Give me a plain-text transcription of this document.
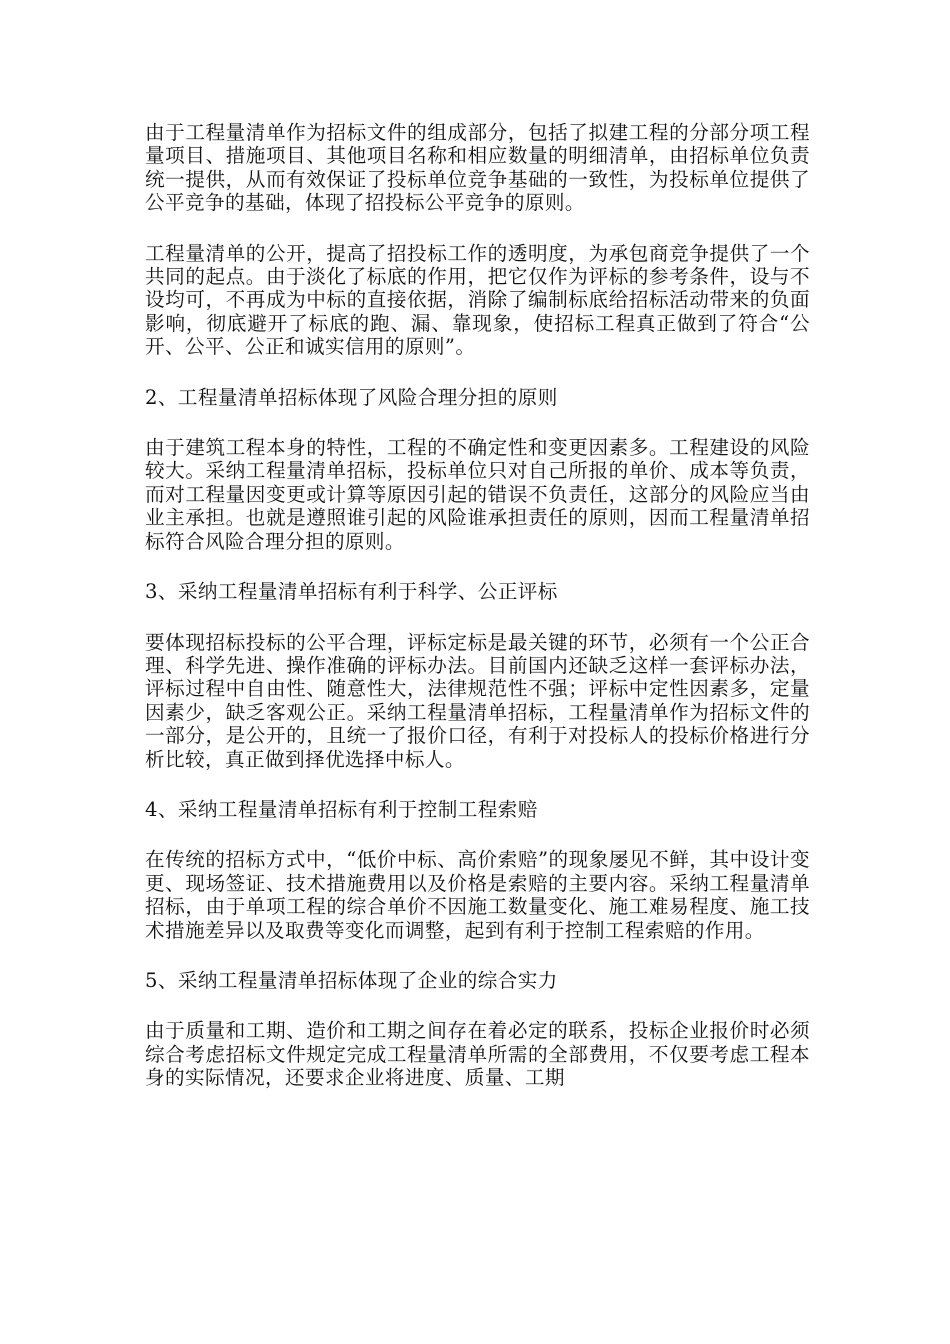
由于工程量清单作为招标文件的组成部分，包括了拟建工程的分部分项工程量项目、措施项目、其他项目名称和相应数量的明细清单，由招标单位负责统一提供，从而有效保证了投标单位竞争基础的一致性，为投标单位提供了公平竞争的基础，体现了招投标公平竞争的原则。

工程量清单的公开，提高了招投标工作的透明度，为承包商竞争提供了一个共同的起点。由于淡化了标底的作用，把它仅作为评标的参考条件，设与不设均可，不再成为中标的直接依据，消除了编制标底给招标活动带来的负面影响，彻底避开了标底的跑、漏、靠现象，使招标工程真正做到了符合“公开、公平、公正和诚实信用的原则”。

2、工程量清单招标体现了风险合理分担的原则

由于建筑工程本身的特性，工程的不确定性和变更因素多。工程建设的风险较大。采纳工程量清单招标，投标单位只对自己所报的单价、成本等负责，而对工程量因变更或计算等原因引起的错误不负责任，这部分的风险应当由业主承担。也就是遵照谁引起的风险谁承担责任的原则，因而工程量清单招标符合风险合理分担的原则。

3、采纳工程量清单招标有利于科学、公正评标

要体现招标投标的公平合理，评标定标是最关键的环节，必须有一个公正合理、科学先进、操作准确的评标办法。目前国内还缺乏这样一套评标办法，评标过程中自由性、随意性大，法律规范性不强；评标中定性因素多，定量因素少，缺乏客观公正。采纳工程量清单招标，工程量清单作为招标文件的一部分，是公开的，且统一了报价口径，有利于对投标人的投标价格进行分析比较，真正做到择优选择中标人。

4、采纳工程量清单招标有利于控制工程索赔

在传统的招标方式中，“低价中标、高价索赔”的现象屡见不鲜，其中设计变更、现场签证、技术措施费用以及价格是索赔的主要内容。采纳工程量清单招标，由于单项工程的综合单价不因施工数量变化、施工难易程度、施工技术措施差异以及取费等变化而调整，起到有利于控制工程索赔的作用。

5、采纳工程量清单招标体现了企业的综合实力

由于质量和工期、造价和工期之间存在着必定的联系，投标企业报价时必须综合考虑招标文件规定完成工程量清单所需的全部费用，不仅要考虑工程本身的实际情况，还要求企业将进度、质量、工期
